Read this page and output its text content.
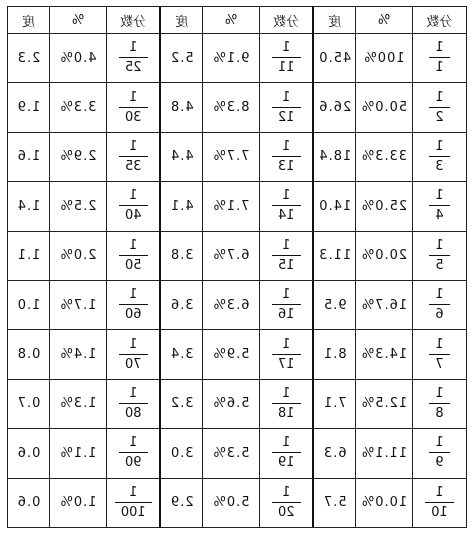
分数	%	度	分数	%	度	分数	%	度

$\frac{1}{1}$	100%	45.0	$\frac{1}{11}$	9.1%	5.2	$\frac{1}{25}$	4.0%	2.3

$\frac{1}{2}$	50.0%	26.6	$\frac{1}{12}$	8.3%	4.8	$\frac{1}{30}$	3.3%	1.9

$\frac{1}{3}$	33.3%	18.4	$\frac{1}{13}$	7.7%	4.4	$\frac{1}{35}$	2.9%	1.6

$\frac{1}{4}$	25.0%	14.0	$\frac{1}{14}$	7.1%	4.1	$\frac{1}{40}$	2.5%	1.4

$\frac{1}{5}$	20.0%	11.3	$\frac{1}{15}$	6.7%	3.8	$\frac{1}{50}$	2.0%	1.1

$\frac{1}{6}$	16.7%	9.5	$\frac{1}{16}$	6.3%	3.6	$\frac{1}{60}$	1.7%	1.0

$\frac{1}{7}$	14.3%	8.1	$\frac{1}{17}$	5.9%	3.4	$\frac{1}{70}$	1.4%	0.8

$\frac{1}{8}$	12.5%	7.1	$\frac{1}{18}$	5.6%	3.2	$\frac{1}{80}$	1.3%	0.7

$\frac{1}{9}$	11.1%	6.3	$\frac{1}{19}$	5.3%	3.0	$\frac{1}{90}$	1.1%	0.6

$\frac{1}{10}$	10.0%	5.7	$\frac{1}{20}$	5.0%	2.9	$\frac{1}{100}$	1.0%	0.6
